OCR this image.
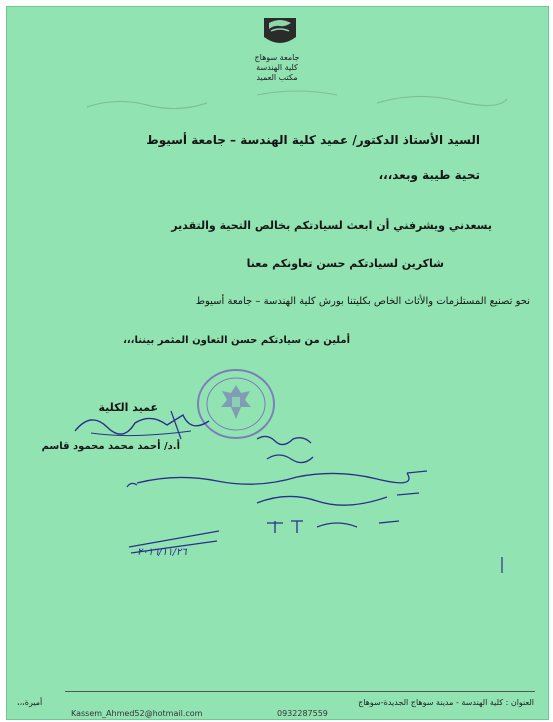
جامعة سوهاج
كلية الهندسة
مكتب العميد
السيد الأستاذ الدكتور/ عميد كلية الهندسة – جامعة أسيوط
تحية طيبة وبعد،،،
يسعدني ويشرفني أن ابعث لسيادتكم بخالص التحية والتقدير
شاكرين لسيادتكم حسن تعاونكم معنا
نحو تصنيع المستلزمات والأثاث الخاص بكليتنا بورش كلية الهندسة – جامعة أسيوط
أملين من سيادتكم حسن التعاون المثمر بيننا،،،
عميد الكلية
أ.د/ أحمد محمد محمود قاسم
٢٠١٦/١١/٢٦
أميرة،،،	العنوان : كلية الهندسة - مدينة سوهاج الجديدة-سوهاج
Kassem_Ahmed52@hotmail.com	0932287559
